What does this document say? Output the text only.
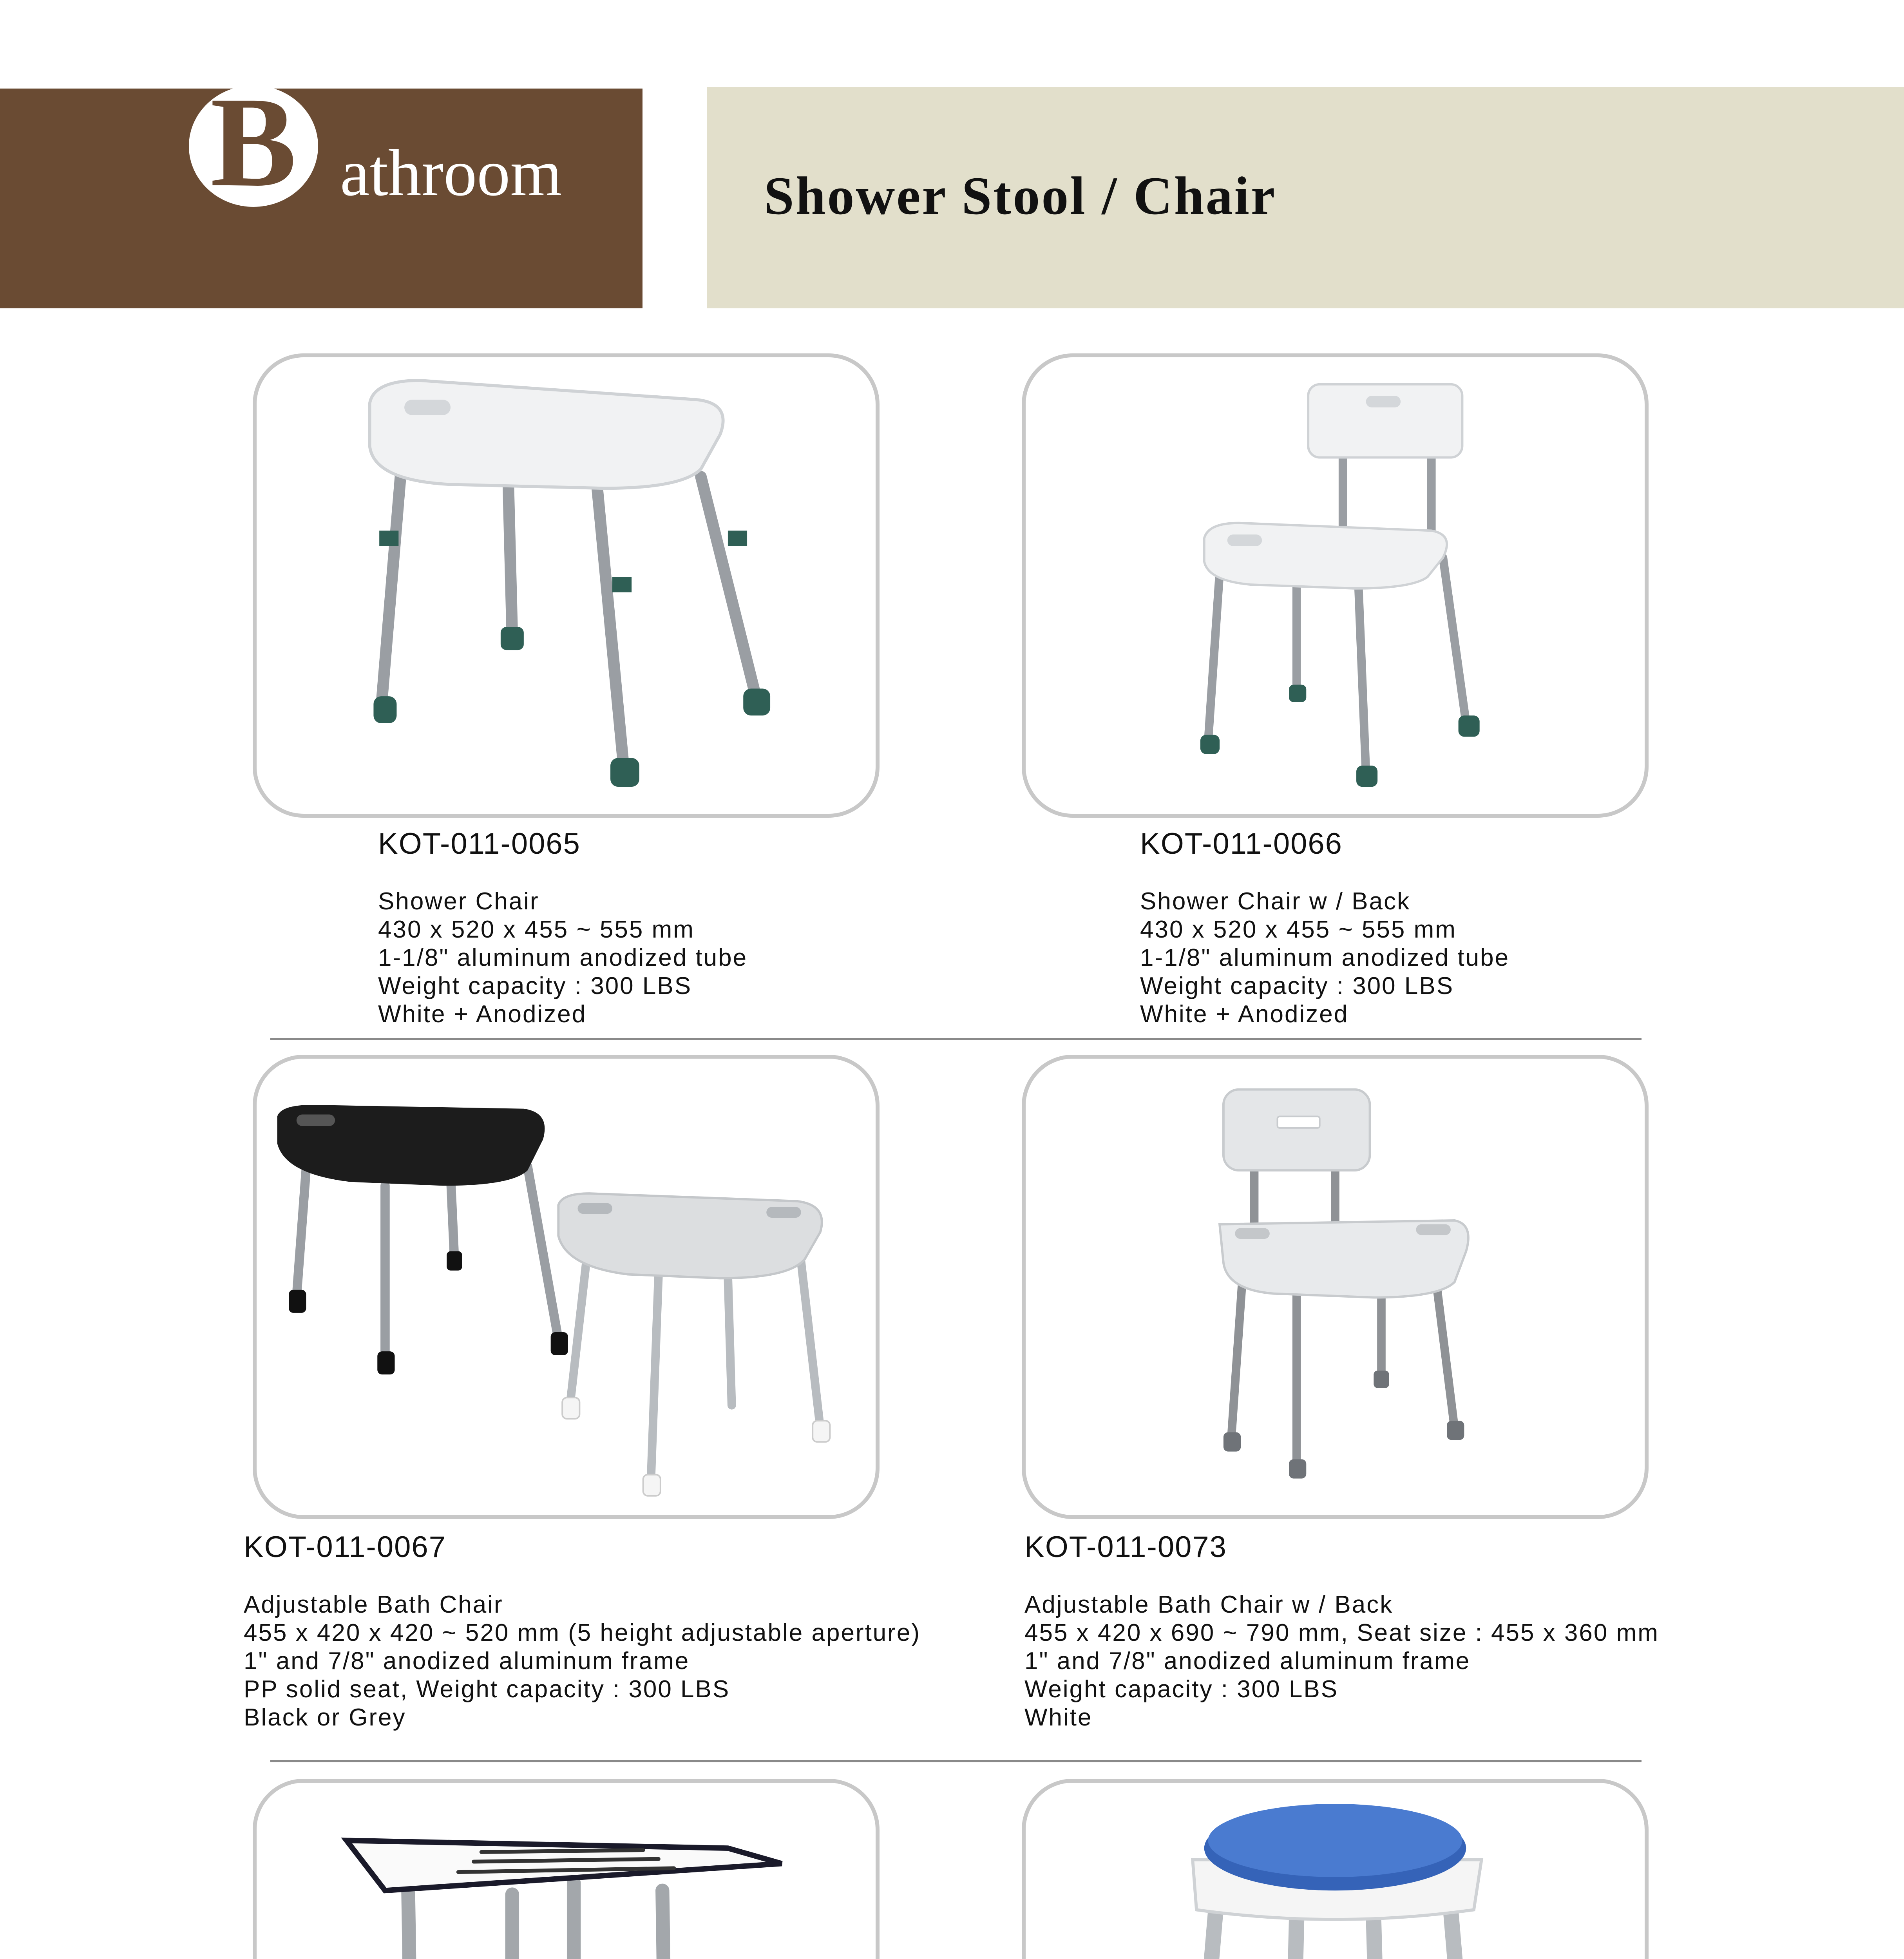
B athroom	Shower Stool / Chair
KOT-011-0065
Shower Chair
430 x 520 x 455 ~ 555 mm
1-1/8" aluminum anodized tube
Weight capacity : 300 LBS
White + Anodized
KOT-011-0066
Shower Chair w / Back
430 x 520 x 455 ~ 555 mm
1-1/8" aluminum anodized tube
Weight capacity : 300 LBS
White + Anodized
KOT-011-0067
Adjustable Bath Chair
455 x 420 x 420 ~ 520 mm (5 height adjustable aperture)
1" and 7/8" anodized aluminum frame
PP solid seat, Weight capacity : 300 LBS
Black or Grey
KOT-011-0073
Adjustable Bath Chair w / Back
455 x 420 x 690 ~ 790 mm, Seat size : 455 x 360 mm
1" and 7/8" anodized aluminum frame
Weight capacity : 300 LBS
White
